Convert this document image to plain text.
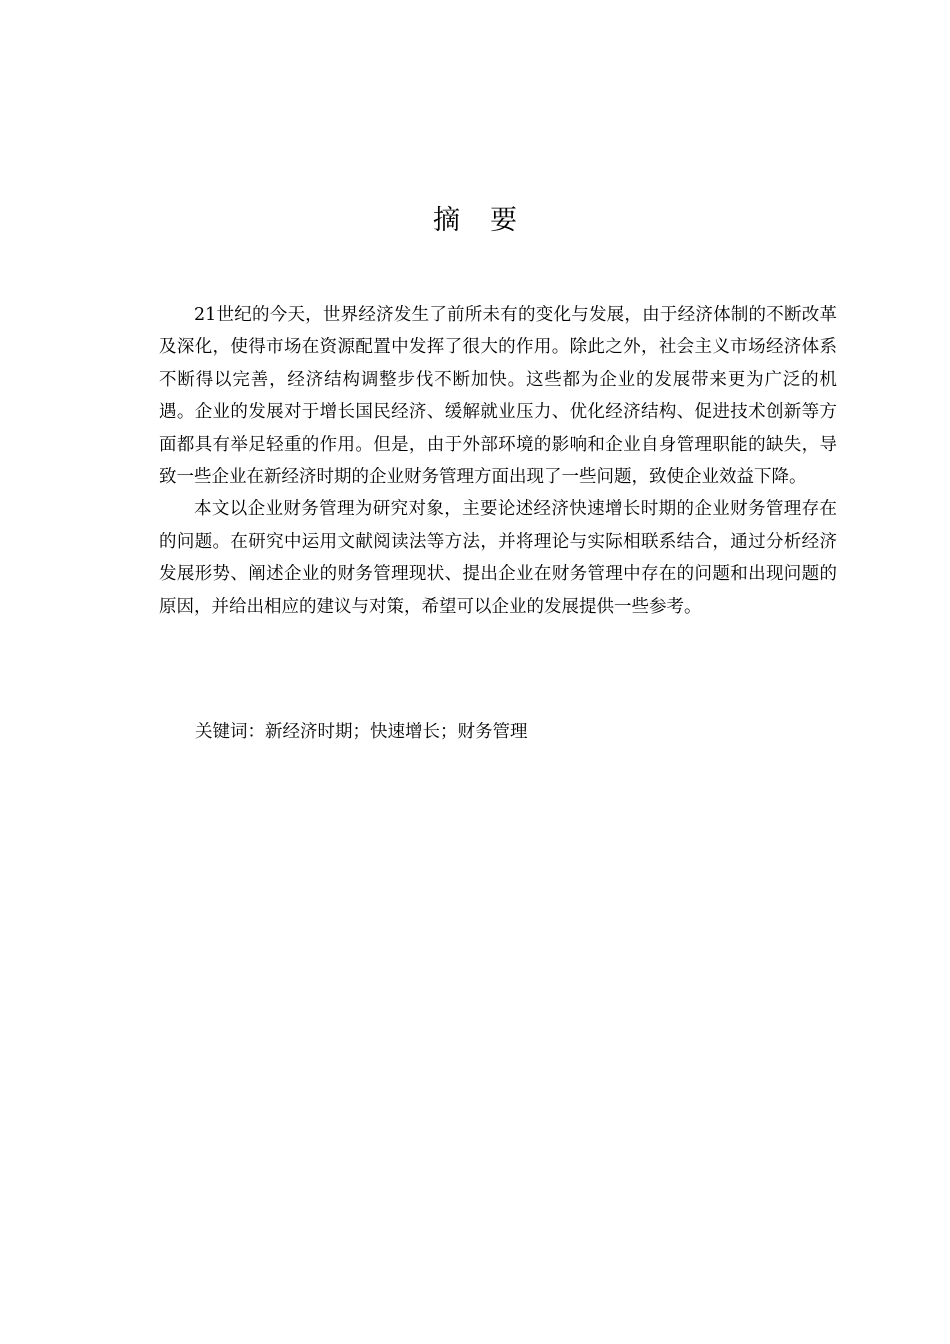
摘 要

21世纪的今天，世界经济发生了前所未有的变化与发展，由于经济体制的不断改革及深化，使得市场在资源配置中发挥了很大的作用。除此之外，社会主义市场经济体系不断得以完善，经济结构调整步伐不断加快。这些都为企业的发展带来更为广泛的机遇。企业的发展对于增长国民经济、缓解就业压力、优化经济结构、促进技术创新等方面都具有举足轻重的作用。但是，由于外部环境的影响和企业自身管理职能的缺失，导致一些企业在新经济时期的企业财务管理方面出现了一些问题，致使企业效益下降。

本文以企业财务管理为研究对象，主要论述经济快速增长时期的企业财务管理存在的问题。在研究中运用文献阅读法等方法，并将理论与实际相联系结合，通过分析经济发展形势、阐述企业的财务管理现状、提出企业在财务管理中存在的问题和出现问题的原因，并给出相应的建议与对策，希望可以企业的发展提供一些参考。

关键词：新经济时期；快速增长；财务管理
